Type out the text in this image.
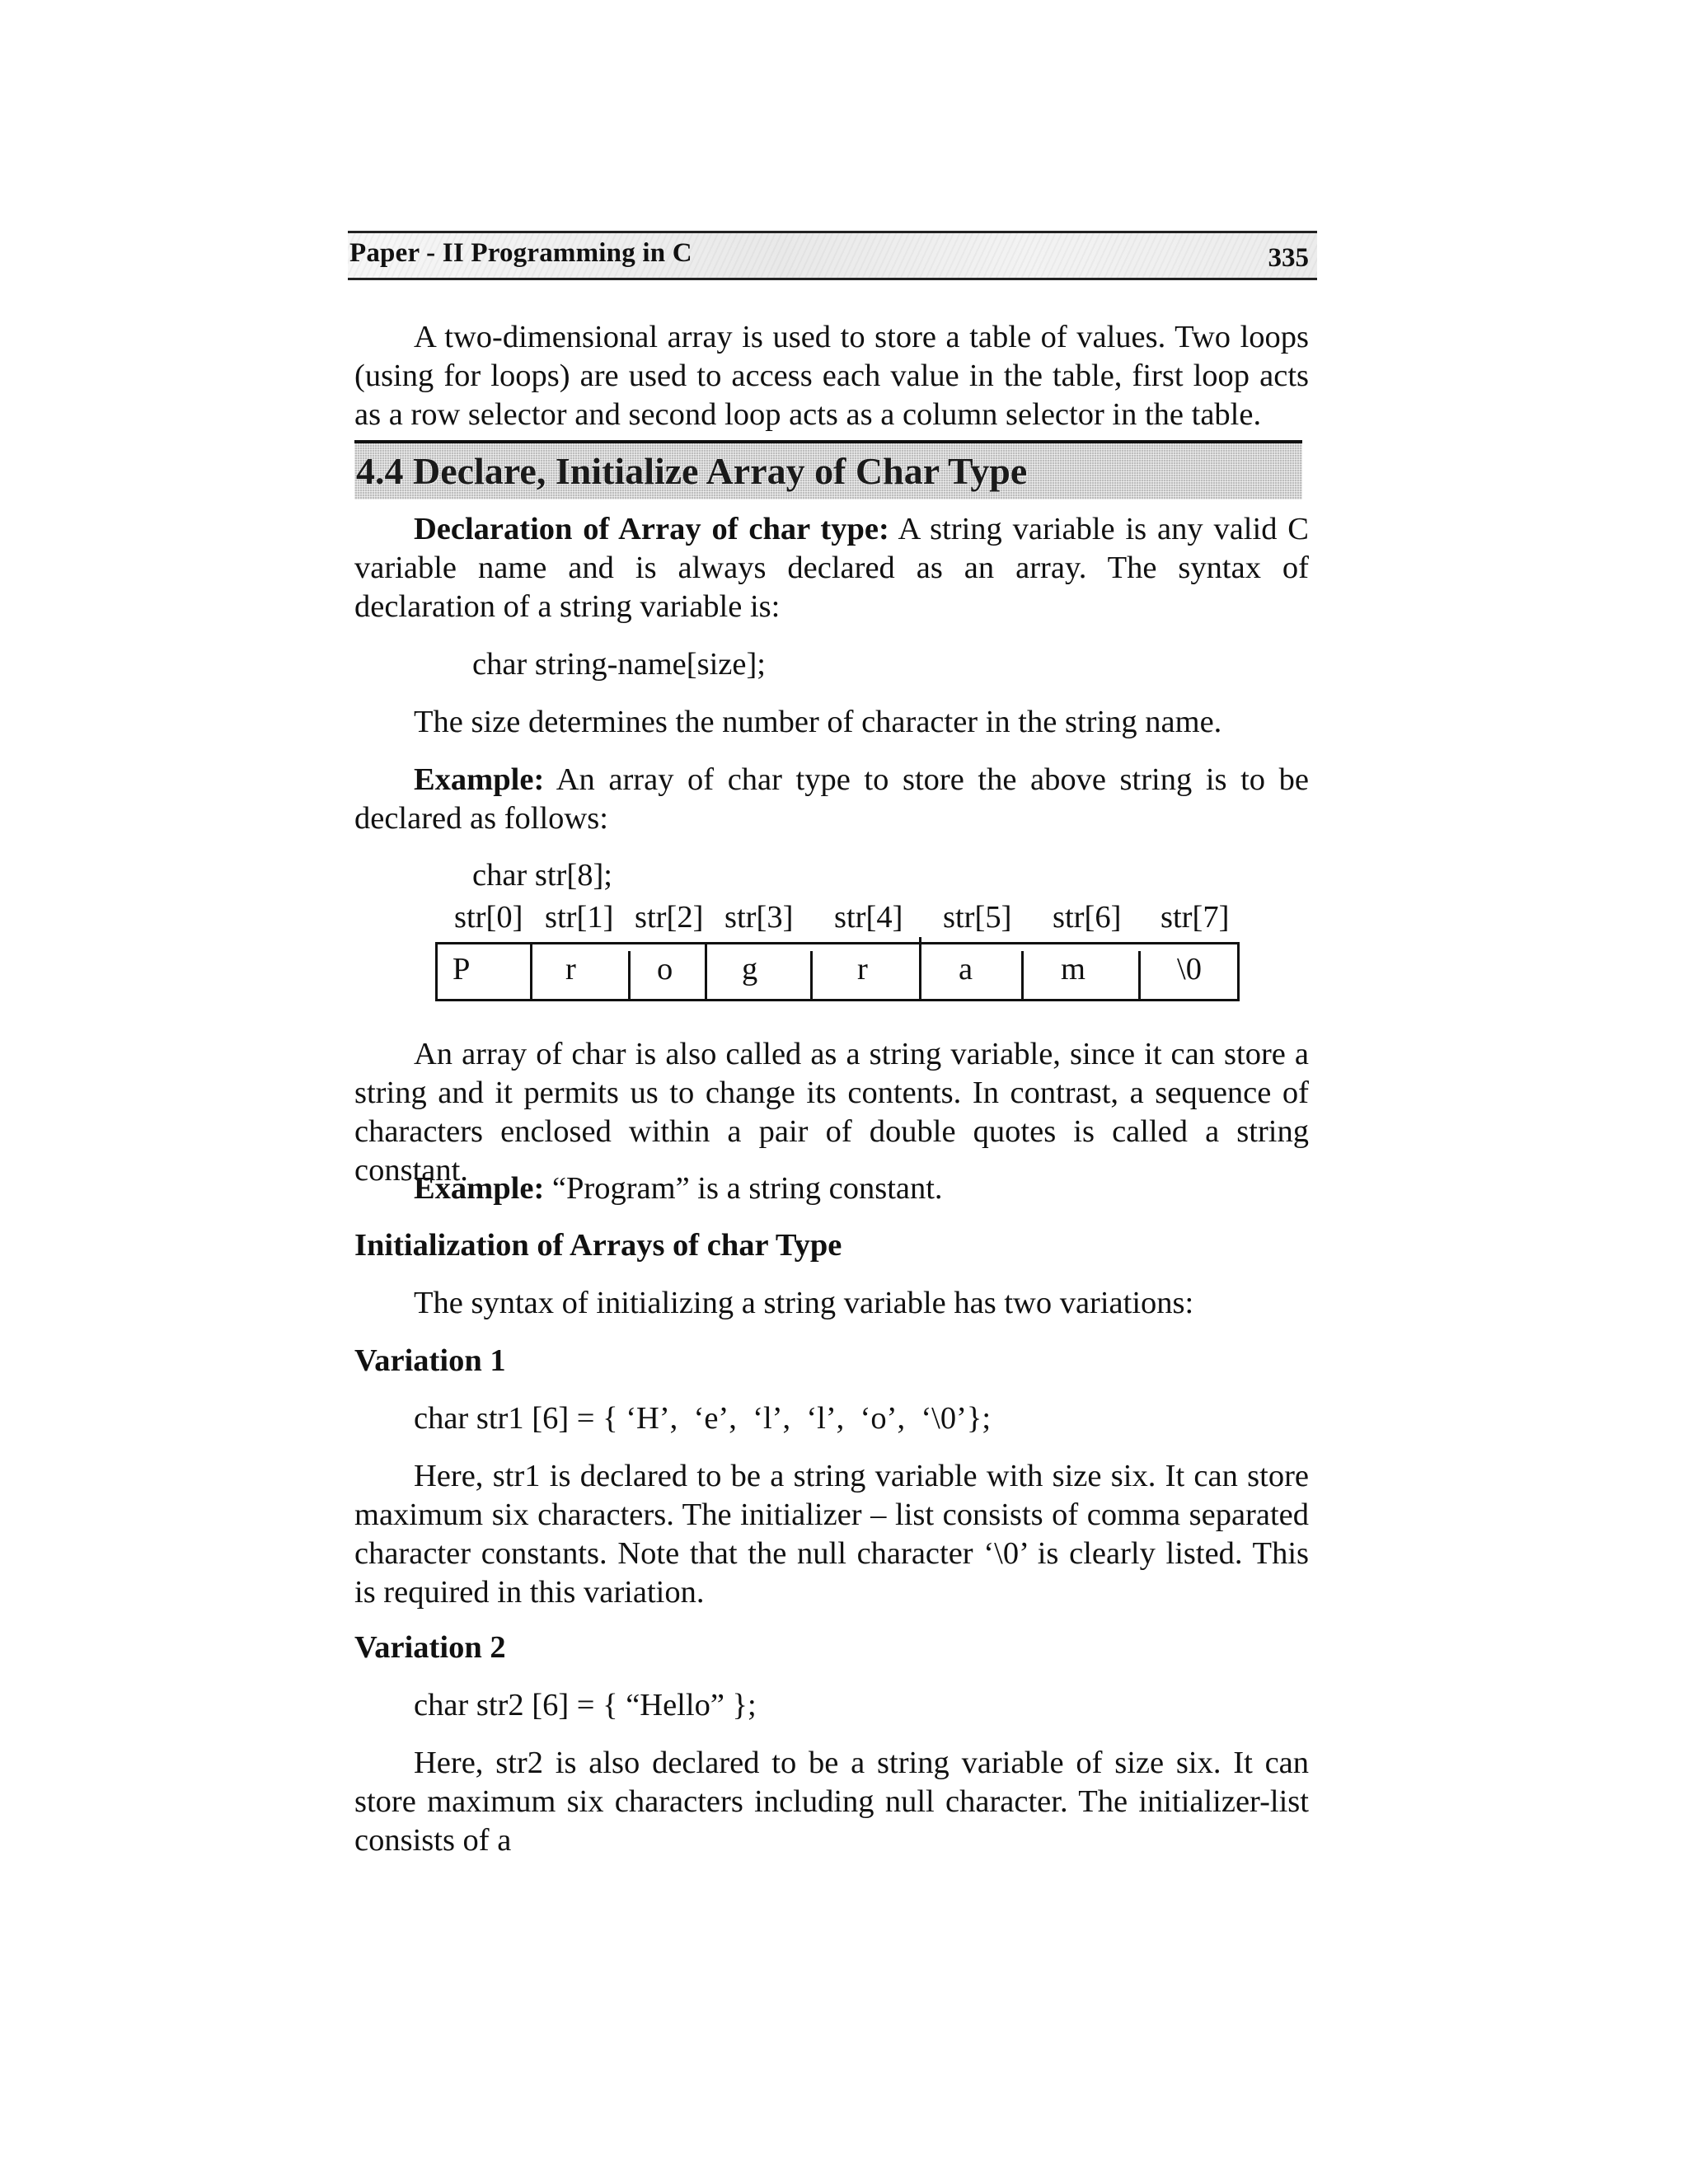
Paper - II Programming in C	335

A two-dimensional array is used to store a table of values. Two loops (using for loops) are used to access each value in the table, first loop acts as a row selector and second loop acts as a column selector in the table.

4.4 Declare, Initialize Array of Char Type

Declaration of Array of char type: A string variable is any valid C variable name and is always declared as an array. The syntax of declaration of a string variable is:

char string-name[size];
The size determines the number of character in the string name.

Example: An array of char type to store the above string is to be declared as follows:

char str[8];
str[0] str[1] str[2] str[3] str[4] str[5] str[6] str[7]
P	r	o g	r	a	m	\0

An array of char is also called as a string variable, since it can store a string and it permits us to change its contents. In contrast, a sequence of characters enclosed within a pair of double quotes is called a string constant.

Example: “Program” is a string constant.
Initialization of Arrays of char Type
The syntax of initializing a string variable has two variations:
Variation 1
char str1 [6] = { ‘H’,  ‘e’,  ‘l’,  ‘l’,  ‘o’,  ‘\0’};

Here, str1 is declared to be a string variable with size six. It can store maximum six characters. The initializer – list consists of comma separated character constants. Note that the null character ‘\0’ is clearly listed. This is required in this variation.

Variation 2
char str2 [6] = { “Hello” };

Here, str2 is also declared to be a string variable of size six. It can store maximum six characters including null character. The initializer-list consists of a
